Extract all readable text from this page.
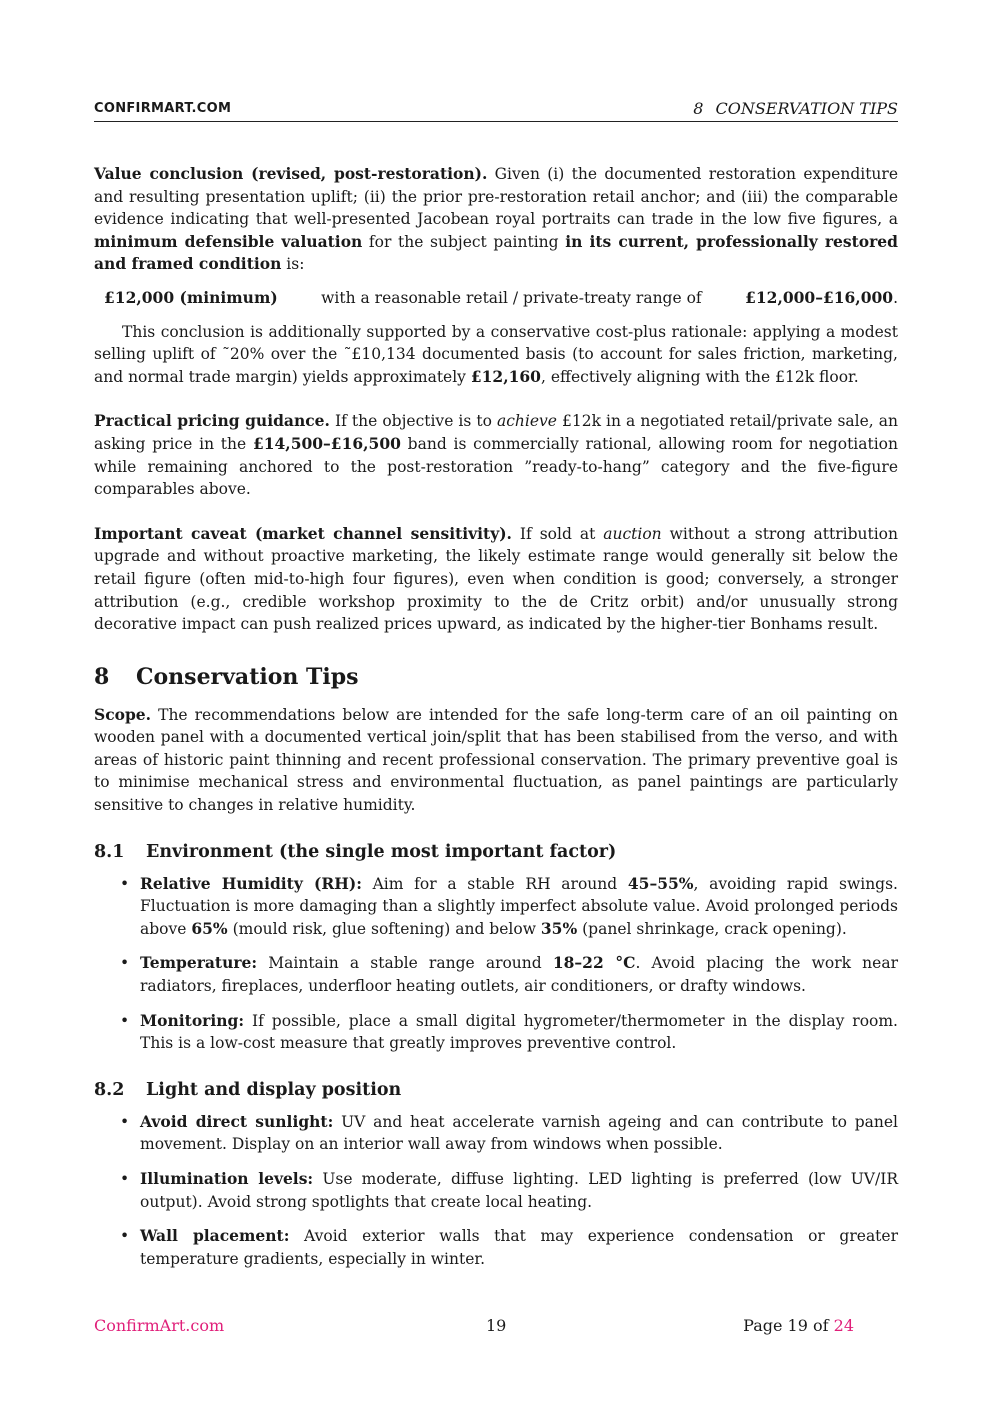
CONFIRMART.COM	8 CONSERVATION TIPS

Value conclusion (revised, post-restoration). Given (i) the documented restoration expenditure and resulting presentation uplift; (ii) the prior pre-restoration retail anchor; and (iii) the comparable evidence indicating that well-presented Jacobean royal portraits can trade in the low five figures, a minimum defensible valuation for the subject painting in its current, professionally restored and framed condition is:

£12,000 (minimum)	with a reasonable retail / private-treaty range of	£12,000–£16,000.

This conclusion is additionally supported by a conservative cost-plus rationale: applying a modest selling uplift of ˜20% over the ˜£10,134 documented basis (to account for sales friction, marketing, and normal trade margin) yields approximately £12,160, effectively aligning with the £12k floor.

Practical pricing guidance. If the objective is to achieve £12k in a negotiated retail/private sale, an asking price in the £14,500–£16,500 band is commercially rational, allowing room for negotiation while remaining anchored to the post-restoration ”ready-to-hang” category and the five-figure comparables above.

Important caveat (market channel sensitivity). If sold at auction without a strong attribution upgrade and without proactive marketing, the likely estimate range would generally sit below the retail figure (often mid-to-high four figures), even when condition is good; conversely, a stronger attribution (e.g., credible workshop proximity to the de Critz orbit) and/or unusually strong decorative impact can push realized prices upward, as indicated by the higher-tier Bonhams result.

8 Conservation Tips

Scope. The recommendations below are intended for the safe long-term care of an oil painting on wooden panel with a documented vertical join/split that has been stabilised from the verso, and with areas of historic paint thinning and recent professional conservation. The primary preventive goal is to minimise mechanical stress and environmental fluctuation, as panel paintings are particularly sensitive to changes in relative humidity.

8.1 Environment (the single most important factor)
• Relative Humidity (RH): Aim for a stable RH around 45–55%, avoiding rapid swings. Fluctuation is more damaging than a slightly imperfect absolute value. Avoid prolonged periods above 65% (mould risk, glue softening) and below 35% (panel shrinkage, crack opening).
• Temperature: Maintain a stable range around 18–22 °C. Avoid placing the work near radiators, fireplaces, underfloor heating outlets, air conditioners, or drafty windows.
• Monitoring: If possible, place a small digital hygrometer/thermometer in the display room. This is a low-cost measure that greatly improves preventive control.
8.2 Light and display position
• Avoid direct sunlight: UV and heat accelerate varnish ageing and can contribute to panel movement. Display on an interior wall away from windows when possible.
• Illumination levels: Use moderate, diffuse lighting. LED lighting is preferred (low UV/IR output). Avoid strong spotlights that create local heating.
• Wall placement: Avoid exterior walls that may experience condensation or greater temperature gradients, especially in winter.
ConfirmArt.com	19	Page 19 of 24
